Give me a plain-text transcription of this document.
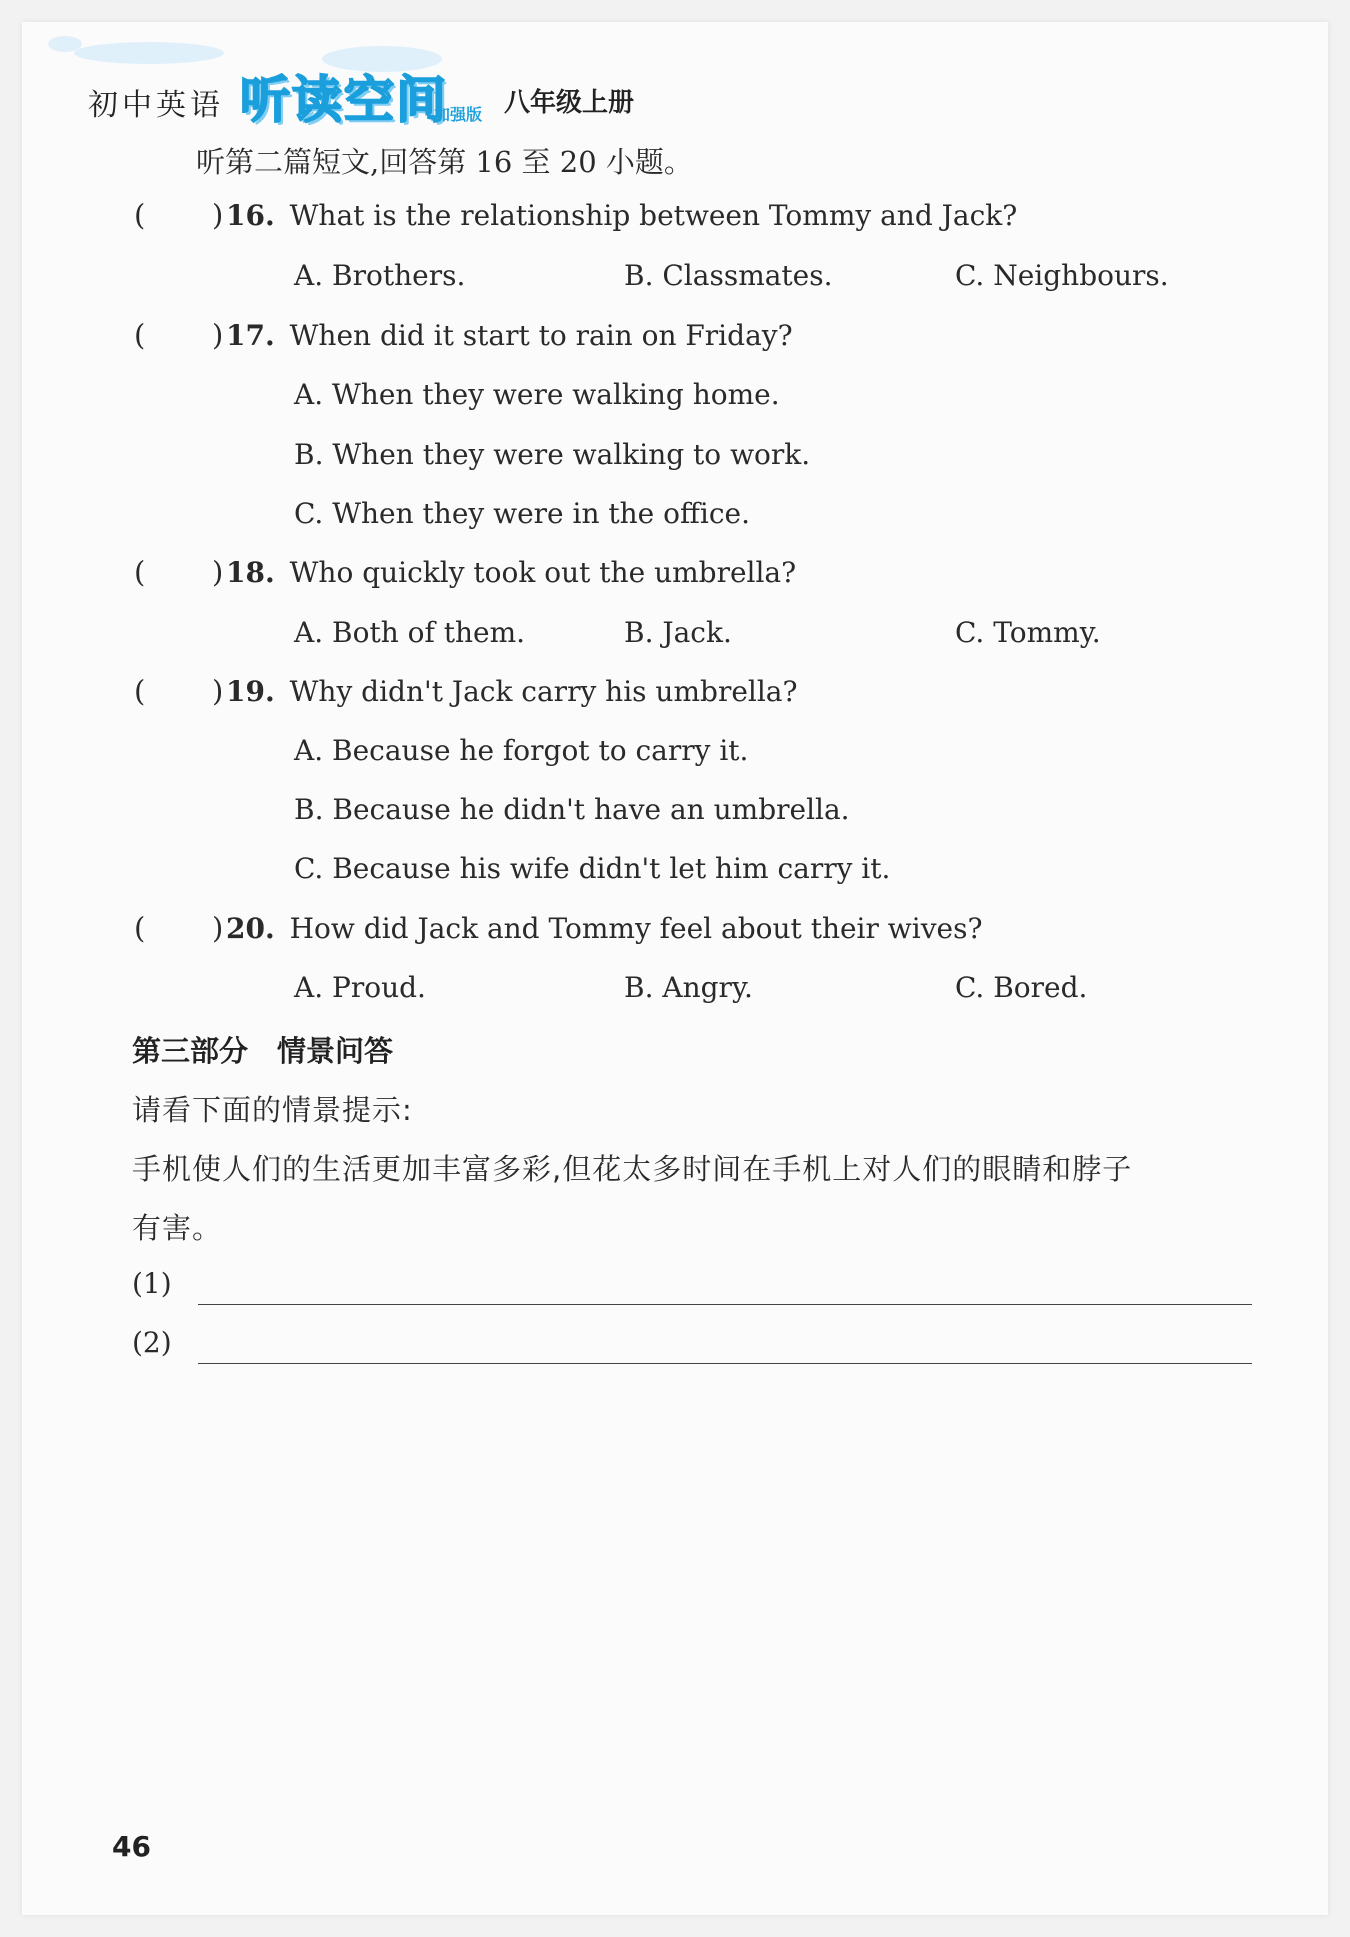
初中英语 听读空间
加强版 八年级上册
听第二篇短文,回答第 16 至 20 小题。
( ) 16. What is the relationship between Tommy and Jack?
A. Brothers.	B. Classmates.	C. Neighbours.
( ) 17. When did it start to rain on Friday?
A. When they were walking home.
B. When they were walking to work.
C. When they were in the office.
( ) 18. Who quickly took out the umbrella?
A. Both of them.	B. Jack.	C. Tommy.
( ) 19. Why didn't Jack carry his umbrella?
A. Because he forgot to carry it.
B. Because he didn't have an umbrella.
C. Because his wife didn't let him carry it.
( ) 20. How did Jack and Tommy feel about their wives?
A. Proud.	B. Angry.	C. Bored.
第三部分　情景问答
请看下面的情景提示:
手机使人们的生活更加丰富多彩,但花太多时间在手机上对人们的眼睛和脖子
有害。
(1)
(2)
46
